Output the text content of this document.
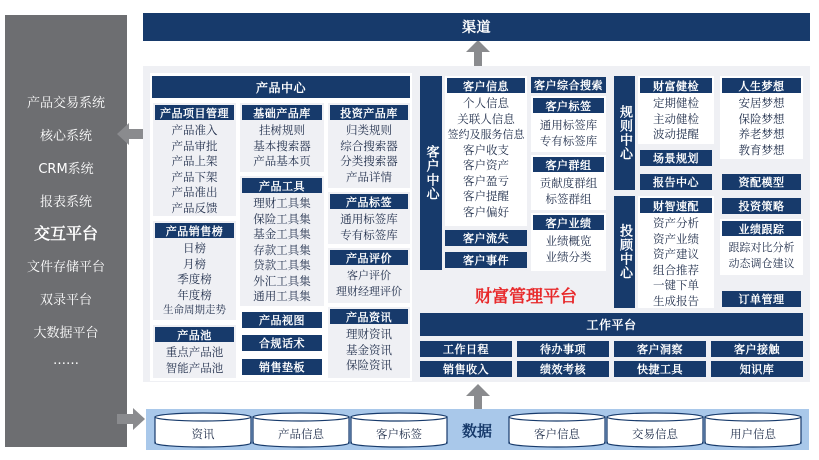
产品交易系统
核心系统
CRM系统
报表系统
交互平台
文件存储平台
双录平台
大数据平台
……
渠道
产品中心
产品项目管理
产品准入
产品审批
产品上架
产品下架
产品准出
产品反馈
产品销售榜
日榜
月榜
季度榜
年度榜
生命周期走势
产品池
重点产品池
智能产品池
基础产品库
挂树规则
基本搜索器
产品基本页
产品工具
理财工具集
保险工具集
基金工具集
存款工具集
贷款工具集
外汇工具集
通用工具集
产品视图
合规话术
销售垫板
投资产品库
归类规则
综合搜索器
分类搜索器
产品详情
产品标签
通用标签库
专有标签库
产品评价
客户评价
理财经理评价
产品资讯
理财资讯
基金资讯
保险资讯
客户中心
客户信息
个人信息
关联人信息
签约及服务信息
客户收支
客户资产
客户盈亏
客户提醒
客户偏好
客户综合搜索
客户标签
通用标签库
专有标签库
客户群组
贡献度群组
标签群组
客户业绩
业绩概览
业绩分类
客户流失
客户事件
财富管理平台
规则中心
财富健检
定期健检
主动健检
波动提醒
人生梦想
安居梦想
保险梦想
养老梦想
教育梦想
场景规划
报告中心	资配模型
投顾中心
财智速配
资产分析
资产业绩
资产建议
组合推荐
一键下单
生成报告
投资策略
业绩跟踪
跟踪对比分析
动态调仓建议
订单管理
工作平台
工作日程	待办事项	客户洞察	客户接触
销售收入	绩效考核	快捷工具	知识库
数据
资讯	产品信息	客户标签	客户信息	交易信息	用户信息
